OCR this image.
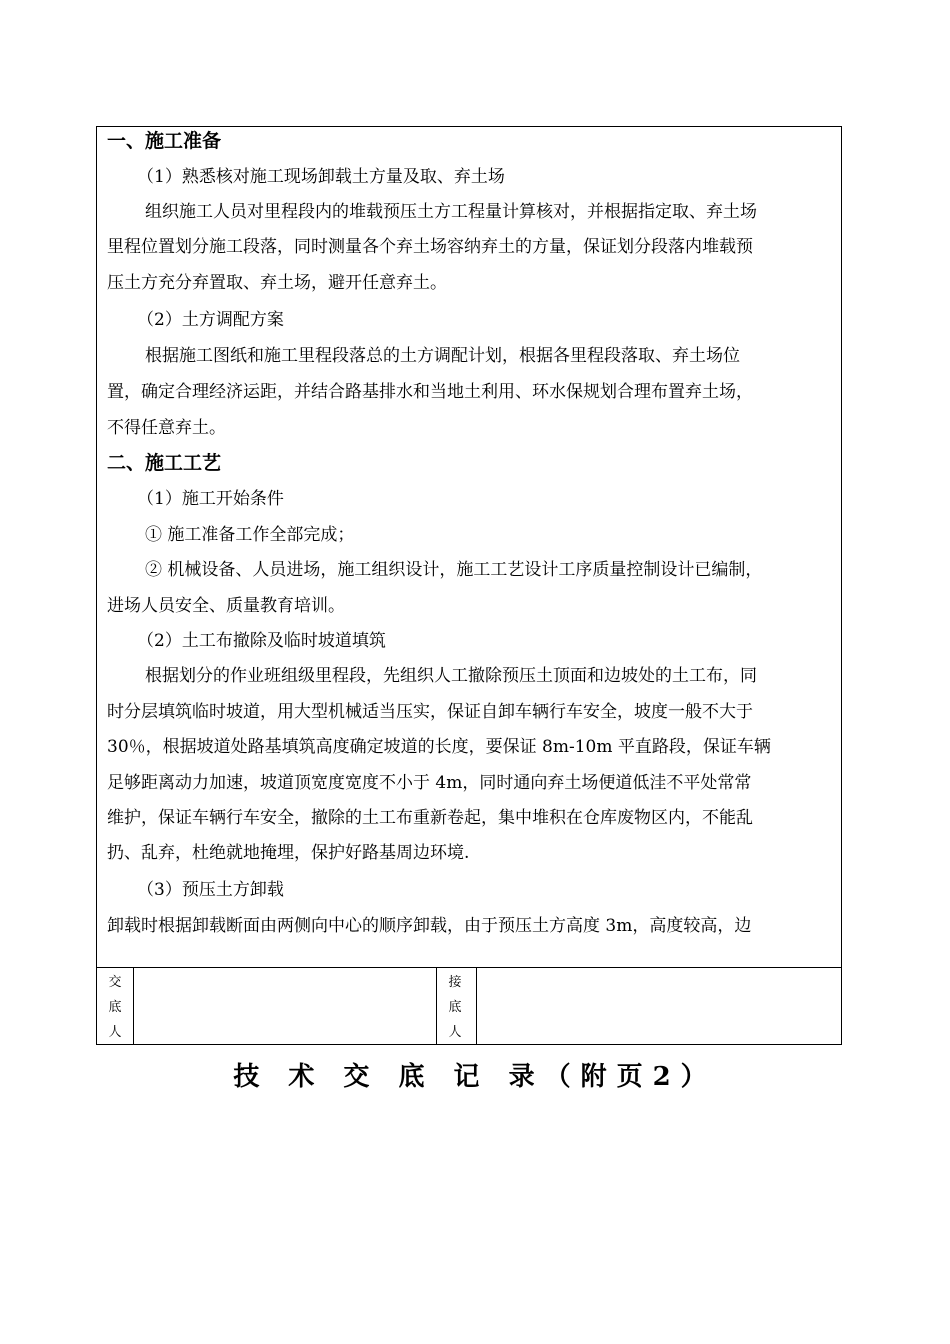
一、施工准备
（1）熟悉核对施工现场卸载土方量及取、弃土场
组织施工人员对里程段内的堆载预压土方工程量计算核对，并根据指定取、弃土场
里程位置划分施工段落，同时测量各个弃土场容纳弃土的方量，保证划分段落内堆载预
压土方充分弃置取、弃土场，避开任意弃土。
（2）土方调配方案
根据施工图纸和施工里程段落总的土方调配计划，根据各里程段落取、弃土场位
置，确定合理经济运距，并结合路基排水和当地土利用、环水保规划合理布置弃土场，
不得任意弃土。
二、施工工艺
（1）施工开始条件
① 施工准备工作全部完成；
② 机械设备、人员进场，施工组织设计，施工工艺设计工序质量控制设计已编制，
进场人员安全、质量教育培训。
（2）土工布撤除及临时坡道填筑
根据划分的作业班组级里程段，先组织人工撤除预压土顶面和边坡处的土工布，同
时分层填筑临时坡道，用大型机械适当压实，保证自卸车辆行车安全，坡度一般不大于
30％，根据坡道处路基填筑高度确定坡道的长度，要保证 8m-10m 平直路段，保证车辆
足够距离动力加速，坡道顶宽度宽度不小于 4m，同时通向弃土场便道低洼不平处常常
维护，保证车辆行车安全，撤除的土工布重新卷起，集中堆积在仓库废物区内，不能乱
扔、乱弃，杜绝就地掩埋，保护好路基周边环境.
（3）预压土方卸载
卸载时根据卸载断面由两侧向中心的顺序卸载，由于预压土方高度 3m，高度较高，边
交
底
人
接
底
人
技 术 交 底 记 录（附页2）
